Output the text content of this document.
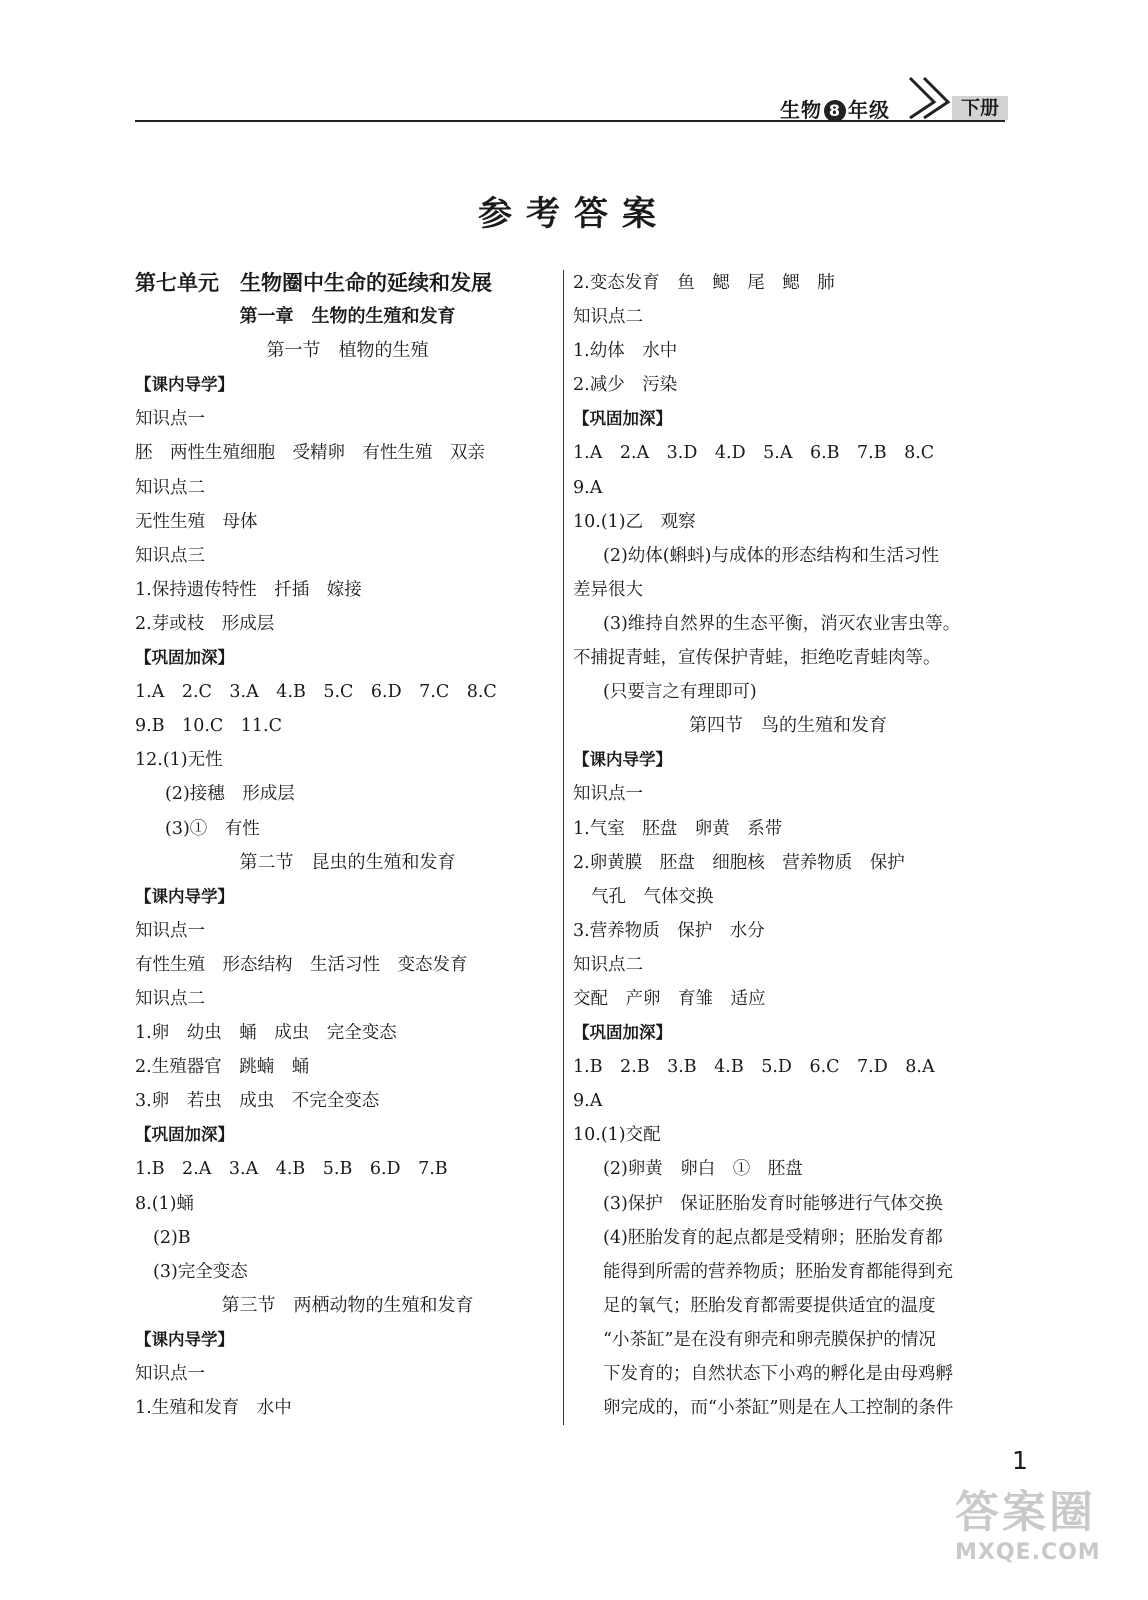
生物 8 年级	下册
参考答案
第七单元　生物圈中生命的延续和发展
第一章　生物的生殖和发育
第一节　植物的生殖
【课内导学】
知识点一
胚　两性生殖细胞　受精卵　有性生殖　双亲
知识点二
无性生殖　母体
知识点三
1.保持遗传特性　扦插　嫁接
2.芽或枝　形成层
【巩固加深】
1.A　2.C　3.A　4.B　5.C　6.D　7.C　8.C
9.B　10.C　11.C
12.(1)无性
(2)接穗　形成层
(3)①　有性
第二节　昆虫的生殖和发育
【课内导学】
知识点一
有性生殖　形态结构　生活习性　变态发育
知识点二
1.卵　幼虫　蛹　成虫　完全变态
2.生殖器官　跳蝻　蛹
3.卵　若虫　成虫　不完全变态
【巩固加深】
1.B　2.A　3.A　4.B　5.B　6.D　7.B
8.(1)蛹
(2)B
(3)完全变态
第三节　两栖动物的生殖和发育
【课内导学】
知识点一
1.生殖和发育　水中
2.变态发育　鱼　鳃　尾　鳃　肺
知识点二
1.幼体　水中
2.减少　污染
【巩固加深】
1.A　2.A　3.D　4.D　5.A　6.B　7.B　8.C
9.A
10.(1)乙　观察
(2)幼体(蝌蚪)与成体的形态结构和生活习性
差异很大
(3)维持自然界的生态平衡，消灭农业害虫等。
不捕捉青蛙，宣传保护青蛙，拒绝吃青蛙肉等。
(只要言之有理即可)
第四节　鸟的生殖和发育
【课内导学】
知识点一
1.气室　胚盘　卵黄　系带
2.卵黄膜　胚盘　细胞核　营养物质　保护
气孔　气体交换
3.营养物质　保护　水分
知识点二
交配　产卵　育雏　适应
【巩固加深】
1.B　2.B　3.B　4.B　5.D　6.C　7.D　8.A
9.A
10.(1)交配
(2)卵黄　卵白　①　胚盘
(3)保护　保证胚胎发育时能够进行气体交换
(4)胚胎发育的起点都是受精卵；胚胎发育都
能得到所需的营养物质；胚胎发育都能得到充
足的氧气；胚胎发育都需要提供适宜的温度
“小茶缸”是在没有卵壳和卵壳膜保护的情况
下发育的；自然状态下小鸡的孵化是由母鸡孵
卵完成的，而“小茶缸”则是在人工控制的条件
1
答案圈
MXQE.COM
